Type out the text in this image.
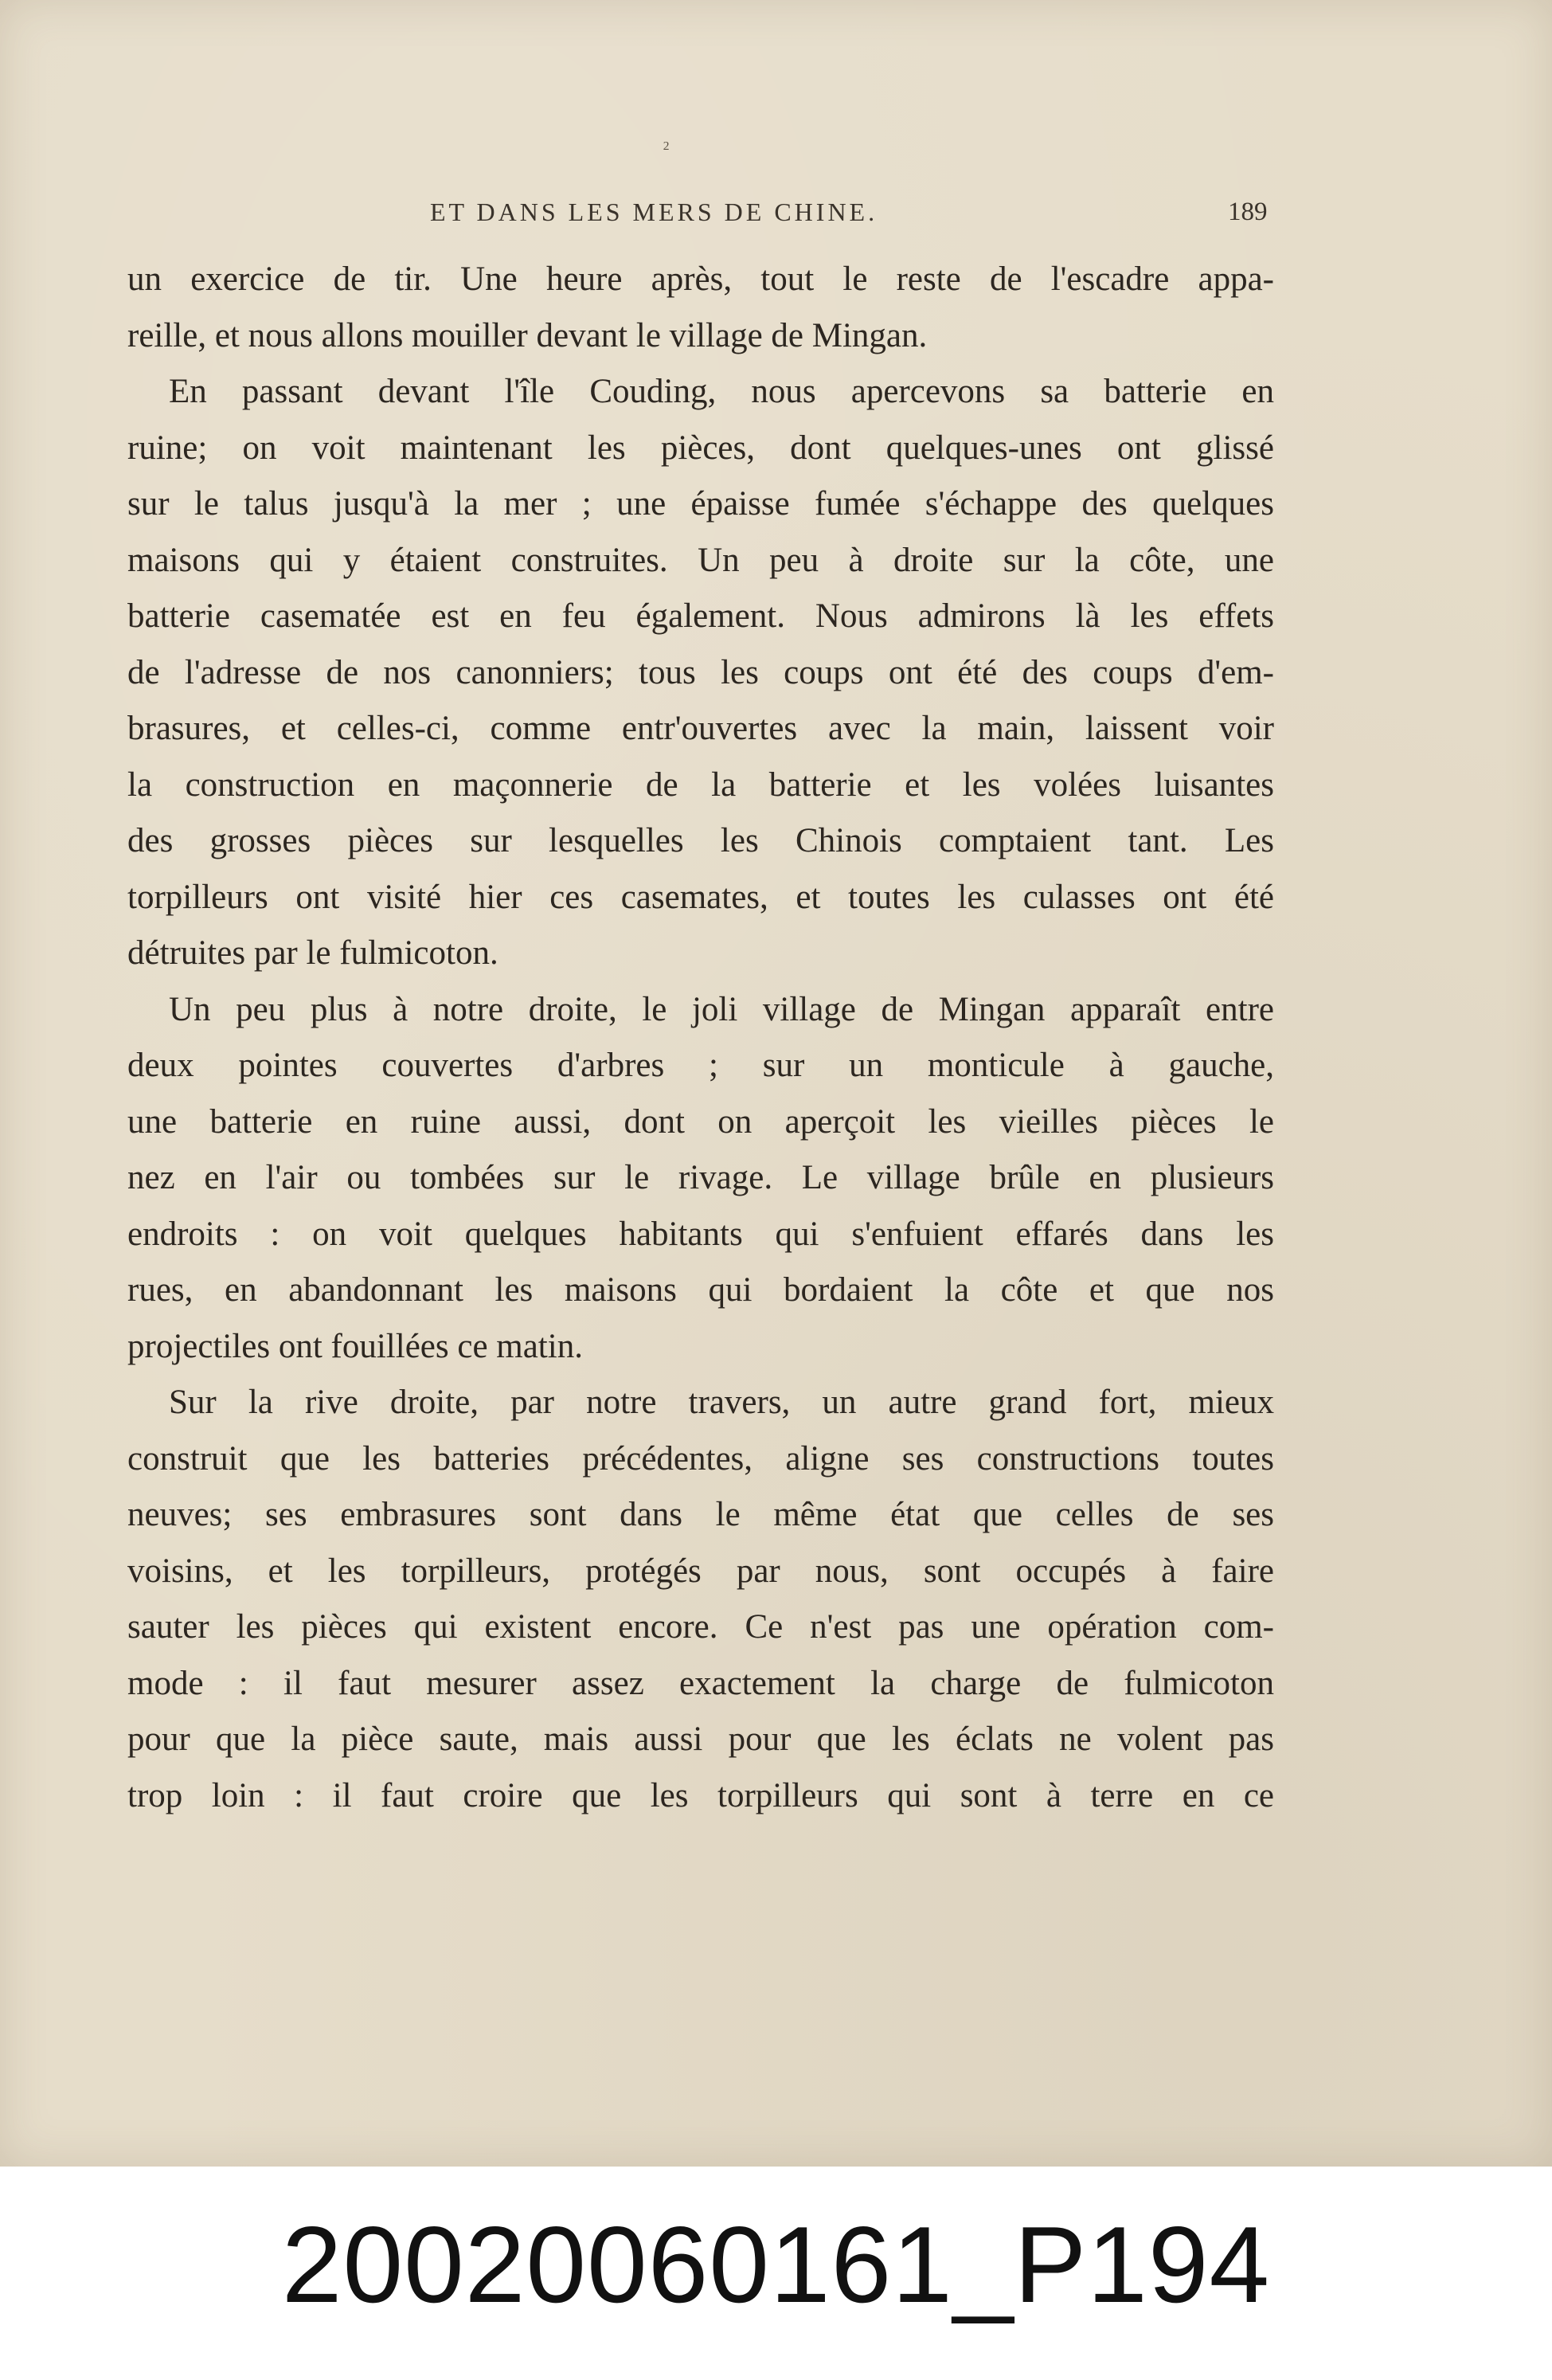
₂
ET DANS LES MERS DE CHINE.	189
un exercice de tir. Une heure après, tout le reste de l'escadre appa-
reille, et nous allons mouiller devant le village de Mingan.
En passant devant l'île Couding, nous apercevons sa batterie en
ruine; on voit maintenant les pièces, dont quelques-unes ont glissé
sur le talus jusqu'à la mer ; une épaisse fumée s'échappe des quelques
maisons qui y étaient construites. Un peu à droite sur la côte, une
batterie casematée est en feu également. Nous admirons là les effets
de l'adresse de nos canonniers; tous les coups ont été des coups d'em-
brasures, et celles-ci, comme entr'ouvertes avec la main, laissent voir
la construction en maçonnerie de la batterie et les volées luisantes
des grosses pièces sur lesquelles les Chinois comptaient tant. Les
torpilleurs ont visité hier ces casemates, et toutes les culasses ont été
détruites par le fulmicoton.
Un peu plus à notre droite, le joli village de Mingan apparaît entre
deux pointes couvertes d'arbres ; sur un monticule à gauche,
une batterie en ruine aussi, dont on aperçoit les vieilles pièces le
nez en l'air ou tombées sur le rivage. Le village brûle en plusieurs
endroits : on voit quelques habitants qui s'enfuient effarés dans les
rues, en abandonnant les maisons qui bordaient la côte et que nos
projectiles ont fouillées ce matin.
Sur la rive droite, par notre travers, un autre grand fort, mieux
construit que les batteries précédentes, aligne ses constructions toutes
neuves; ses embrasures sont dans le même état que celles de ses
voisins, et les torpilleurs, protégés par nous, sont occupés à faire
sauter les pièces qui existent encore. Ce n'est pas une opération com-
mode : il faut mesurer assez exactement la charge de fulmicoton
pour que la pièce saute, mais aussi pour que les éclats ne volent pas
trop loin : il faut croire que les torpilleurs qui sont à terre en ce
20020060161_P194
